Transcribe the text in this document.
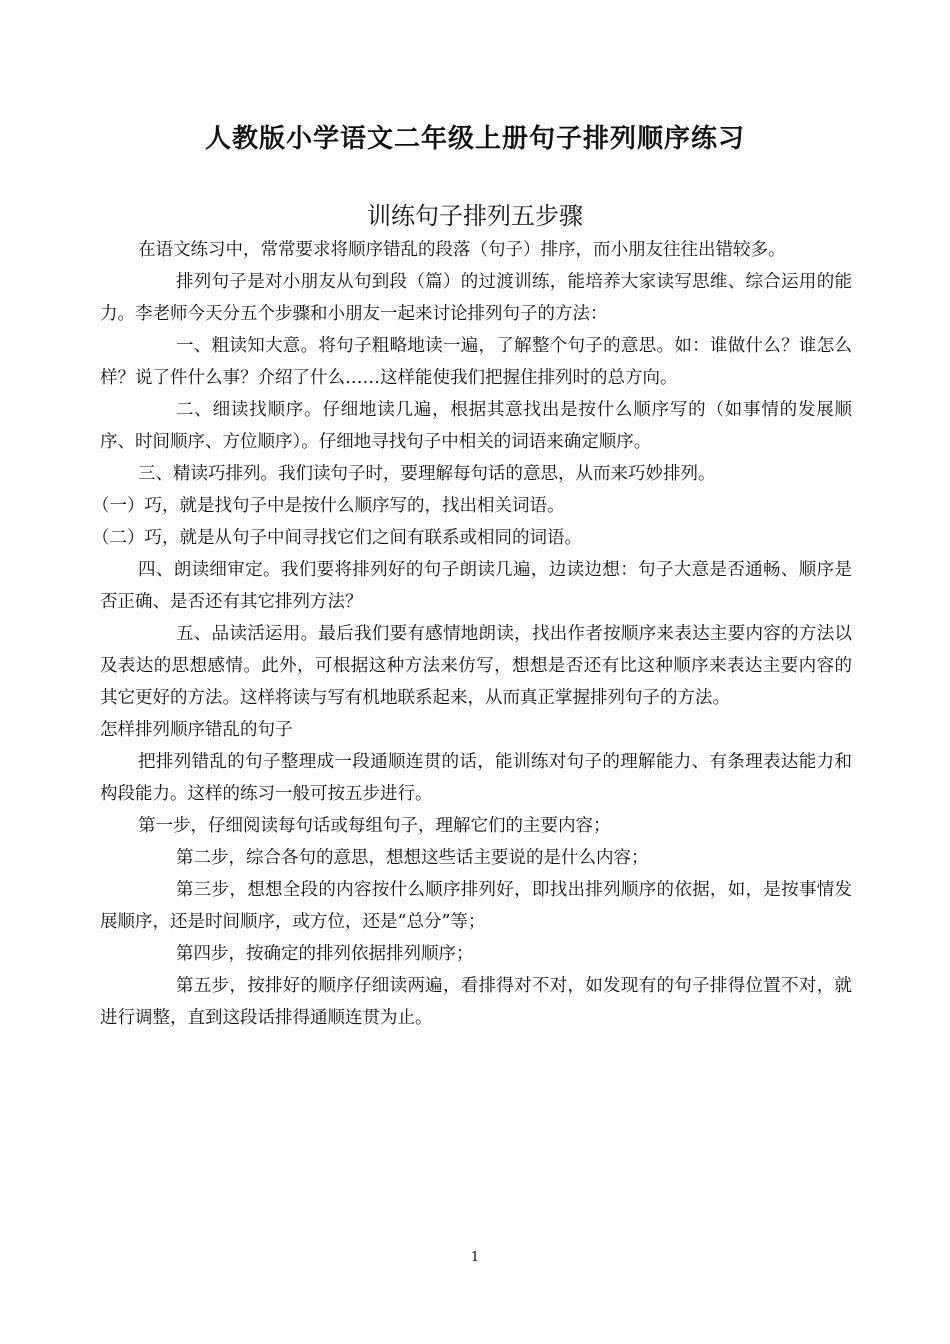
人教版小学语文二年级上册句子排列顺序练习
训练句子排列五步骤

在语文练习中，常常要求将顺序错乱的段落（句子）排序，而小朋友往往出错较多。

排列句子是对小朋友从句到段（篇）的过渡训练，能培养大家读写思维、综合运用的能力。李老师今天分五个步骤和小朋友一起来讨论排列句子的方法：

一、粗读知大意。将句子粗略地读一遍，了解整个句子的意思。如：谁做什么？谁怎么样？说了件什么事？介绍了什么……这样能使我们把握住排列时的总方向。

二、细读找顺序。仔细地读几遍，根据其意找出是按什么顺序写的（如事情的发展顺序、时间顺序、方位顺序）。仔细地寻找句子中相关的词语来确定顺序。

三、精读巧排列。我们读句子时，要理解每句话的意思，从而来巧妙排列。

（一）巧，就是找句子中是按什么顺序写的，找出相关词语。

（二）巧，就是从句子中间寻找它们之间有联系或相同的词语。

四、朗读细审定。我们要将排列好的句子朗读几遍，边读边想：句子大意是否通畅、顺序是否正确、是否还有其它排列方法？

五、品读活运用。最后我们要有感情地朗读，找出作者按顺序来表达主要内容的方法以及表达的思想感情。此外，可根据这种方法来仿写，想想是否还有比这种顺序来表达主要内容的其它更好的方法。这样将读与写有机地联系起来，从而真正掌握排列句子的方法。

怎样排列顺序错乱的句子

把排列错乱的句子整理成一段通顺连贯的话，能训练对句子的理解能力、有条理表达能力和构段能力。这样的练习一般可按五步进行。

第一步，仔细阅读每句话或每组句子，理解它们的主要内容；

第二步，综合各句的意思，想想这些话主要说的是什么内容；

第三步，想想全段的内容按什么顺序排列好，即找出排列顺序的依据，如，是按事情发展顺序，还是时间顺序，或方位，还是“总分”等；

第四步，按确定的排列依据排列顺序；

第五步，按排好的顺序仔细读两遍，看排得对不对，如发现有的句子排得位置不对，就进行调整，直到这段话排得通顺连贯为止。

1
